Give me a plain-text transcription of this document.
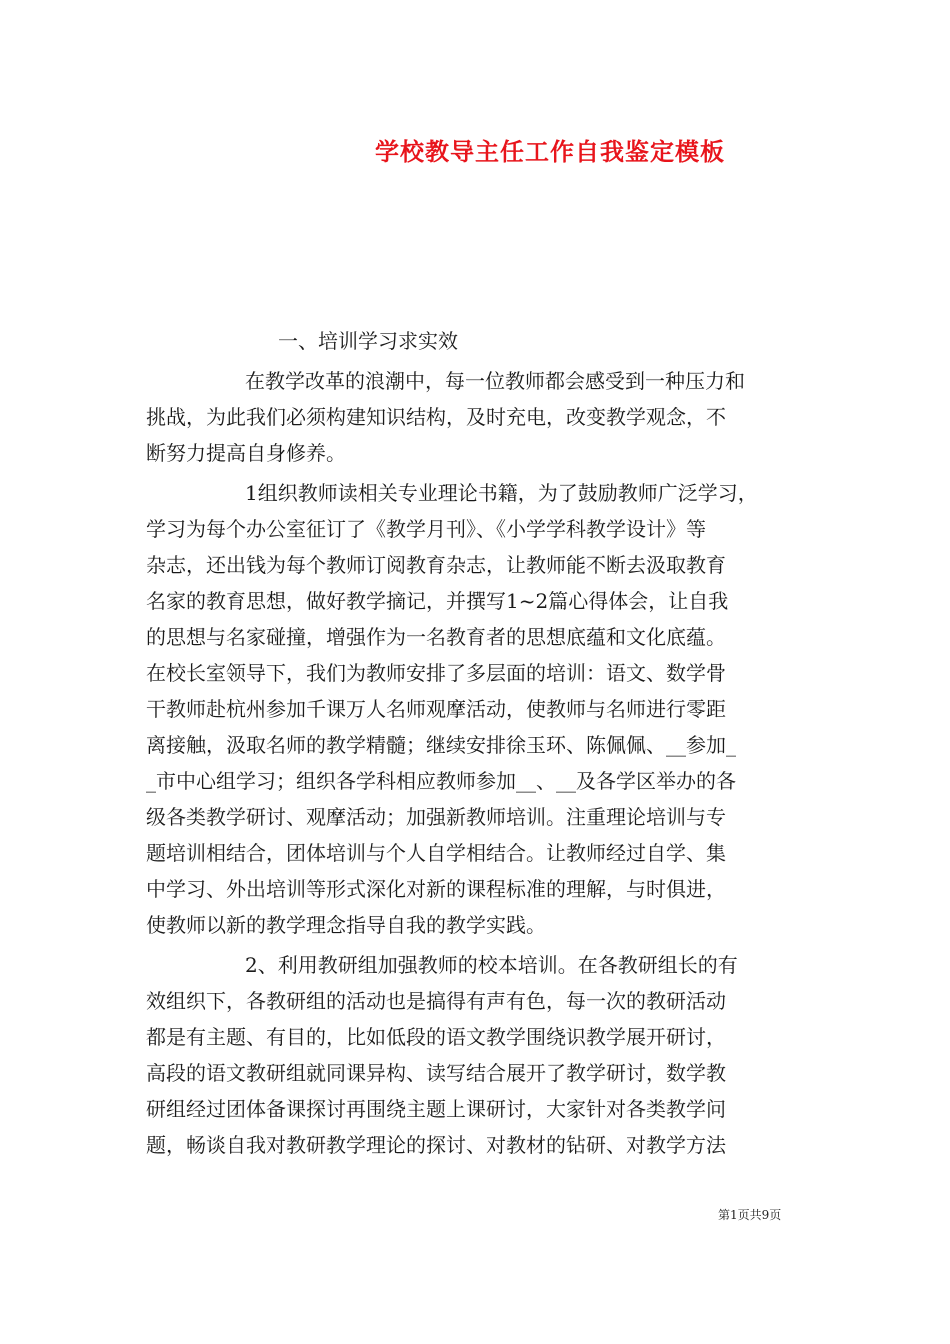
学校教导主任工作自我鉴定模板
一、培训学习求实效
在教学改革的浪潮中，每一位教师都会感受到一种压力和
挑战，为此我们必须构建知识结构，及时充电，改变教学观念，不
断努力提高自身修养。
1组织教师读相关专业理论书籍，为了鼓励教师广泛学习，
学习为每个办公室征订了《教学月刊》、《小学学科教学设计》等
杂志，还出钱为每个教师订阅教育杂志，让教师能不断去汲取教育
名家的教育思想，做好教学摘记，并撰写1~2篇心得体会，让自我
的思想与名家碰撞，增强作为一名教育者的思想底蕴和文化底蕴。
在校长室领导下，我们为教师安排了多层面的培训：语文、数学骨
干教师赴杭州参加千课万人名师观摩活动，使教师与名师进行零距
离接触，汲取名师的教学精髓；继续安排徐玉环、陈佩佩、__参加_
_市中心组学习；组织各学科相应教师参加__、__及各学区举办的各
级各类教学研讨、观摩活动；加强新教师培训。注重理论培训与专
题培训相结合，团体培训与个人自学相结合。让教师经过自学、集
中学习、外出培训等形式深化对新的课程标准的理解，与时俱进，
使教师以新的教学理念指导自我的教学实践。
2、利用教研组加强教师的校本培训。在各教研组长的有
效组织下，各教研组的活动也是搞得有声有色，每一次的教研活动
都是有主题、有目的，比如低段的语文教学围绕识教学展开研讨，
高段的语文教研组就同课异构、读写结合展开了教学研讨，数学教
研组经过团体备课探讨再围绕主题上课研讨，大家针对各类教学问
题，畅谈自我对教研教学理论的探讨、对教材的钻研、对教学方法
第1页共9页
